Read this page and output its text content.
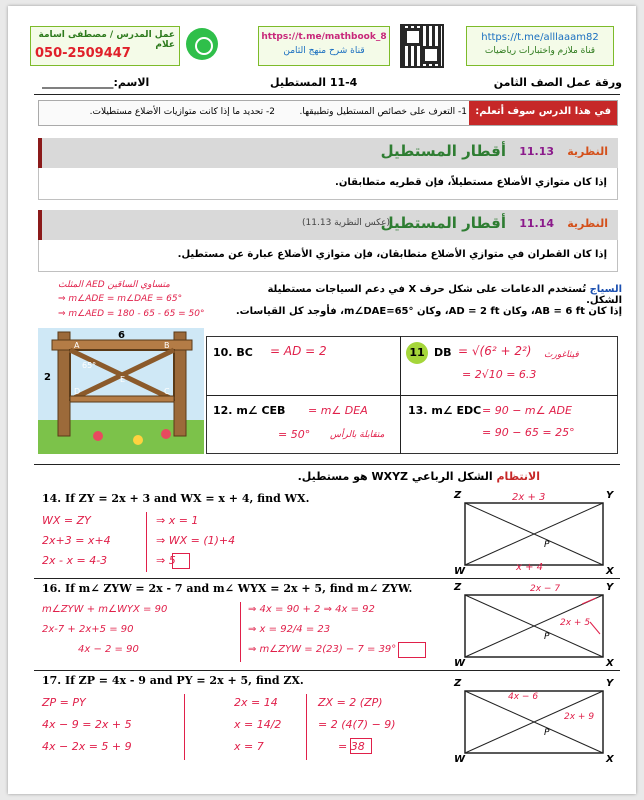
عمل المدرس / مصطفى اسامة علام
050-2509447
https://t.me/mathbook_8
قناة شرح منهج الثامن
https://t.me/alllaaam82
قناة ملازم واختبارات رياضيات
ورقة عمل الصف الثامن
11-4 المستطيل
الاسم:_____________
في هذا الدرس سوف أتعلم:
1- التعرف على خصائص المستطيل وتطبيقها.
2- تحديد ما إذا كانت متوازيات الأضلاع مستطيلات.
النظرية
11.13
أقطار المستطيل
إذا كان متوازي الأضلاع مستطيلاً، فإن قطريه متطابقان.
النظرية
11.14
أقطار المستطيل
(عكس النظرية 11.13)
إذا كان القطران في متوازي الأضلاع متطابقان، فإن متوازي الأضلاع عبارة عن مستطيل.
السياج تُستخدم الدعامات على شكل حرف X في دعم السياجات مستطيلة الشكل.
إذا كان AB = 6 ft، وكان AD = 2 ft، وكان m∠DAE=65°، فأوجد كل القياسات.
المثلث AED متساوي الساقين
⇒ m∠ADE = m∠DAE = 65°
⇒ m∠AED = 180 - 65 - 65 = 50°
A	B
D	C
E
6
2
65°
10. BC = AD = 2	11 DB = √(6² + 2²) فيثاغورث
= 2√10 = 6.3
12. m∠ CEB = m∠ DEA
= 50° متقابلة بالرأس
13. m∠ EDC = 90 − m∠ ADE
= 90 − 65 = 25°
الانتظام الشكل الرباعي WXYZ هو مستطيل.
14. If ZY = 2x + 3 and WX = x + 4, find WX.
WX = ZY
2x+3 = x+4
2x - x = 4-3
⇒ x = 1
⇒ WX = (1)+4
⇒ 5
Z	Y
W	X
P
2x + 3
x + 4
16. If m∠ ZYW = 2x - 7 and m∠ WYX = 2x + 5, find m∠ ZYW.
m∠ZYW + m∠WYX = 90
2x-7 + 2x+5 = 90
4x − 2 = 90
⇒ 4x = 90 + 2 ⇒ 4x = 92
⇒ x = 92/4 = 23
⇒ m∠ZYW = 2(23) − 7 = 39°
Z	Y
W	X
P
2x − 7
2x + 5
17. If ZP = 4x - 9 and PY = 2x + 5, find ZX.
ZP = PY
4x − 9 = 2x + 5
4x − 2x = 5 + 9
2x = 14
x = 14/2
x = 7
ZX = 2 (ZP)
= 2 (4(7) − 9)
= 38
Z	Y
W	X
P
4x − 6
2x + 9
